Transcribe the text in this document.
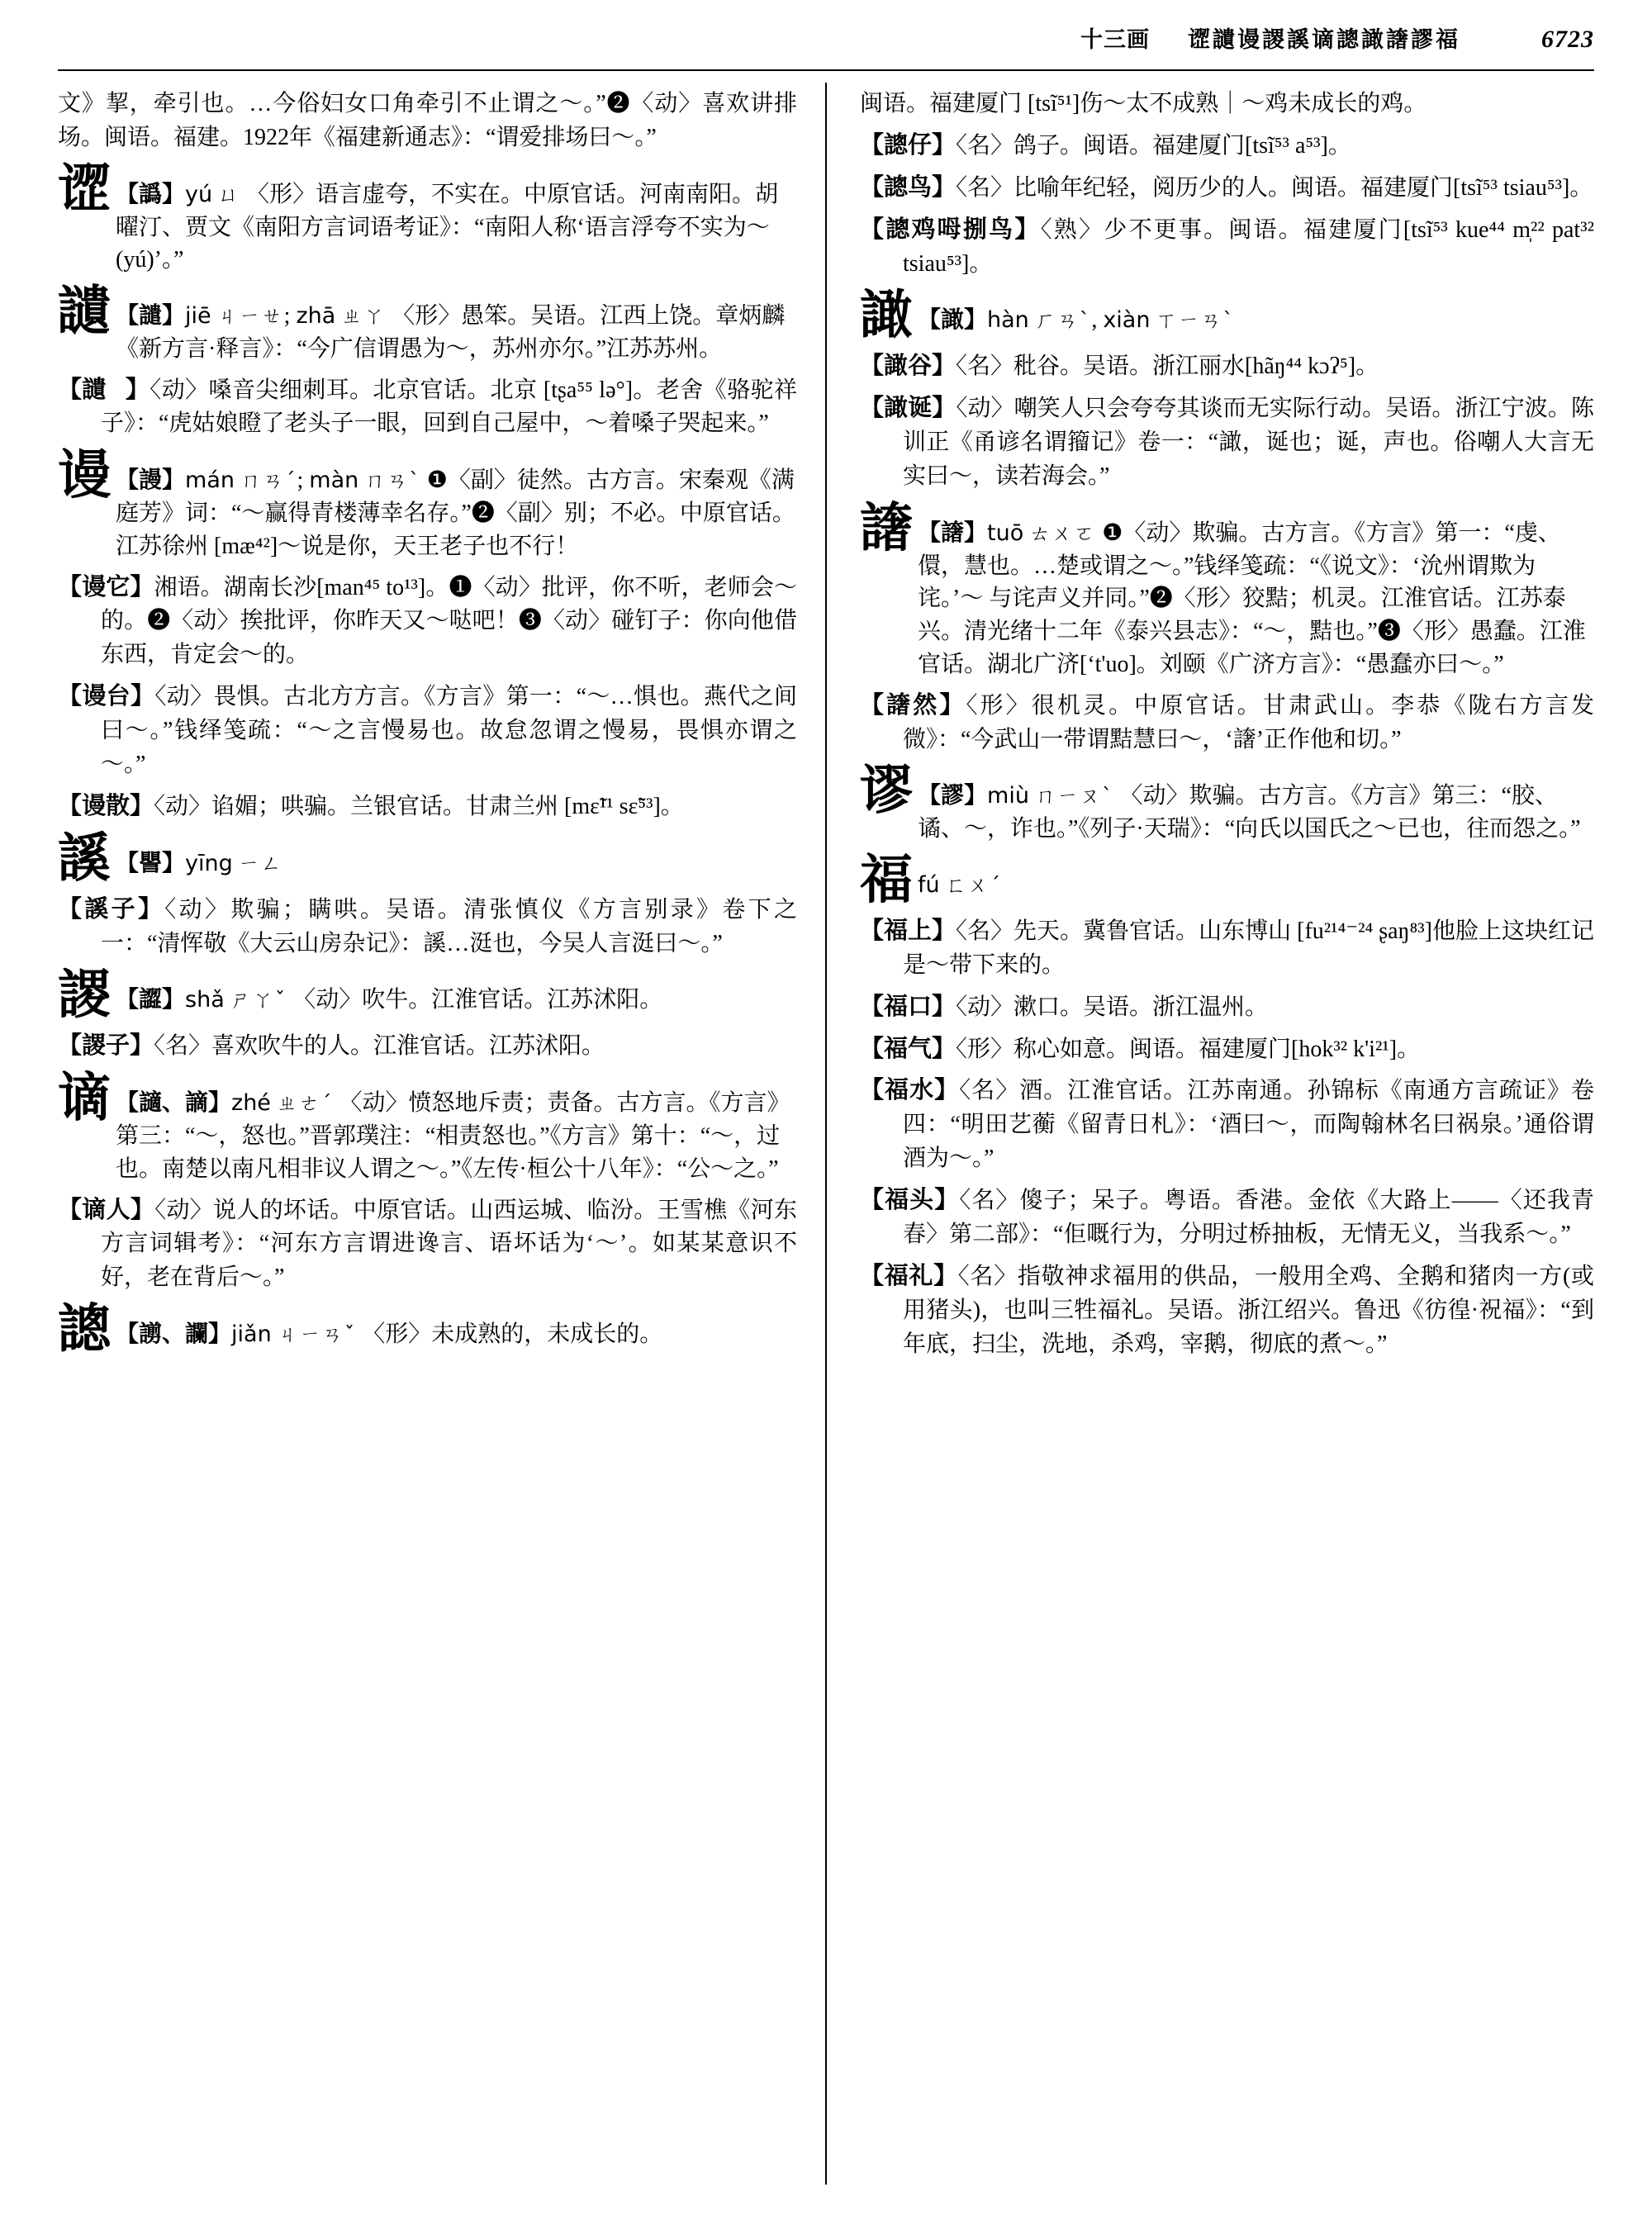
十三画 䜧讉谩謖謑谪謥譀譇謬福	6723

文》挈，牵引也。…今俗妇女口角牵引不止谓之～。”❷〈动〉喜欢讲排场。闽语。福建。1922年《福建新通志》：“谓爱排场曰～。”

䜧 【譌】yú ㄩ 〈形〉语言虚夸，不实在。中原官话。河南南阳。胡曜汀、贾文《南阳方言词语考证》：“南阳人称‘语言浮夸不实为～(yú)’。”
讉 【譴】jiē ㄐㄧㄝ; zhā ㄓㄚ 〈形〉愚笨。吴语。江西上饶。章炳麟《新方言·释言》：“今广信谓愚为～，苏州亦尔。”江苏苏州。

【讉𡜏】〈动〉嗓音尖细刺耳。北京官话。北京 [tʂa⁵⁵ lə°]。老舍《骆驼祥子》：“虎姑娘瞪了老头子一眼，回到自己屋中，～着嗓子哭起来。”

谩 【謾】mán ㄇㄢˊ; màn ㄇㄢˋ ❶〈副〉徒然。古方言。宋秦观《满庭芳》词：“～赢得青楼薄幸名存。”❷〈副〉别；不必。中原官话。江苏徐州 [mæ⁴²]～说是你，天王老子也不行！

【谩它】湘语。湖南长沙[man⁴⁵ to¹³]。❶〈动〉批评，你不听，老师会～的。❷〈动〉挨批评，你昨天又～哒吧！❸〈动〉碰钉子：你向他借东西，肯定会～的。

【谩台】〈动〉畏惧。古北方方言。《方言》第一：“～…惧也。燕代之间曰～。”钱绎笺疏：“～之言慢易也。故怠忽谓之慢易，畏惧亦谓之～。”

【谩散】〈动〉谄媚；哄骗。兰银官话。甘肃兰州 [mɛ̃¹¹ sɛ̃⁵³]。

謑 【譻】yīng ㄧㄥ

【謑子】〈动〉欺骗；瞒哄。吴语。清张慎仪《方言别录》卷下之一：“清恽敬《大云山房杂记》：謑…涏也，今吴人言涏曰～。”

謖 【譅】shǎ ㄕㄚˇ 〈动〉吹牛。江淮官话。江苏沭阳。

【謖子】〈名〉喜欢吹牛的人。江淮官话。江苏沭阳。

谪 【讁、謫】zhé ㄓㄜˊ 〈动〉愤怒地斥责；责备。古方言。《方言》第三：“～，怒也。”晋郭璞注：“相责怒也。”《方言》第十：“～，过也。南楚以南凡相非议人谓之～。”《左传·桓公十八年》：“公～之。”

【谪人】〈动〉说人的坏话。中原官话。山西运城、临汾。王雪樵《河东方言词辑考》：“河东方言谓进谗言、语坏话为‘～’。如某某意识不好，老在背后～。”

謥 【謭、讕】jiǎn ㄐㄧㄢˇ 〈形〉未成熟的，未成长的。

闽语。福建厦门 [tsĩ⁵¹]伤～太不成熟｜～鸡未成长的鸡。

【謥仔】〈名〉鸽子。闽语。福建厦门[tsĩ⁵³ a⁵³]。

【謥鸟】〈名〉比喻年纪轻，阅历少的人。闽语。福建厦门[tsĩ⁵³ tsiau⁵³]。

【謥鸡呣捌鸟】〈熟〉少不更事。闽语。福建厦门[tsĩ⁵³ kue⁴⁴ m̩²² pat³² tsiau⁵³]。

譀 【譀】hàn ㄏㄢˋ, xiàn ㄒㄧㄢˋ

【譀谷】〈名〉秕谷。吴语。浙江丽水[hãŋ⁴⁴ kɔʔ⁵]。

【譀诞】〈动〉嘲笑人只会夸夸其谈而无实际行动。吴语。浙江宁波。陈训正《甬谚名谓籀记》卷一：“譀，诞也；诞，声也。俗嘲人大言无实曰～，读若海会。”

譇 【譇】tuō ㄊㄨㄛ ❶〈动〉欺骗。古方言。《方言》第一：“虔、儇，慧也。…楚或谓之～。”钱绎笺疏：“《说文》：‘沇州谓欺为诧。’～ 与诧声义并同。”❷〈形〉狡黠；机灵。江淮官话。江苏泰兴。清光绪十二年《泰兴县志》：“～，黠也。”❸〈形〉愚蠢。江淮官话。湖北广济[‘t'uo]。刘颐《广济方言》：“愚蠢亦曰～。”

【譇然】〈形〉很机灵。中原官话。甘肃武山。李恭《陇右方言发微》：“今武山一带谓黠慧曰～，‘譇’正作他和切。”

谬 【謬】miù ㄇㄧㄡˋ 〈动〉欺骗。古方言。《方言》第三：“胶、谲、～，诈也。”《列子·天瑞》：“向氏以国氏之～已也，往而怨之。”
福 fú ㄈㄨˊ

【福上】〈名〉先天。冀鲁官话。山东博山 [fu²¹⁴⁻²⁴ ʂaŋ⁸³]他脸上这块红记是～带下来的。

【福口】〈动〉漱口。吴语。浙江温州。

【福气】〈形〉称心如意。闽语。福建厦门[hok³² k'i²¹]。

【福水】〈名〉酒。江淮官话。江苏南通。孙锦标《南通方言疏证》卷四：“明田艺蘅《留青日札》：‘酒曰～，而陶翰林名曰祸泉。’通俗谓酒为～。”

【福头】〈名〉傻子；呆子。粤语。香港。金依《大路上——〈还我青春〉第二部》：“佢嘅行为，分明过桥抽板，无情无义，当我系～。”

【福礼】〈名〉指敬神求福用的供品，一般用全鸡、全鹅和猪肉一方(或用猪头)，也叫三牲福礼。吴语。浙江绍兴。鲁迅《彷徨·祝福》：“到年底，扫尘，洗地，杀鸡，宰鹅，彻底的煮～。”
